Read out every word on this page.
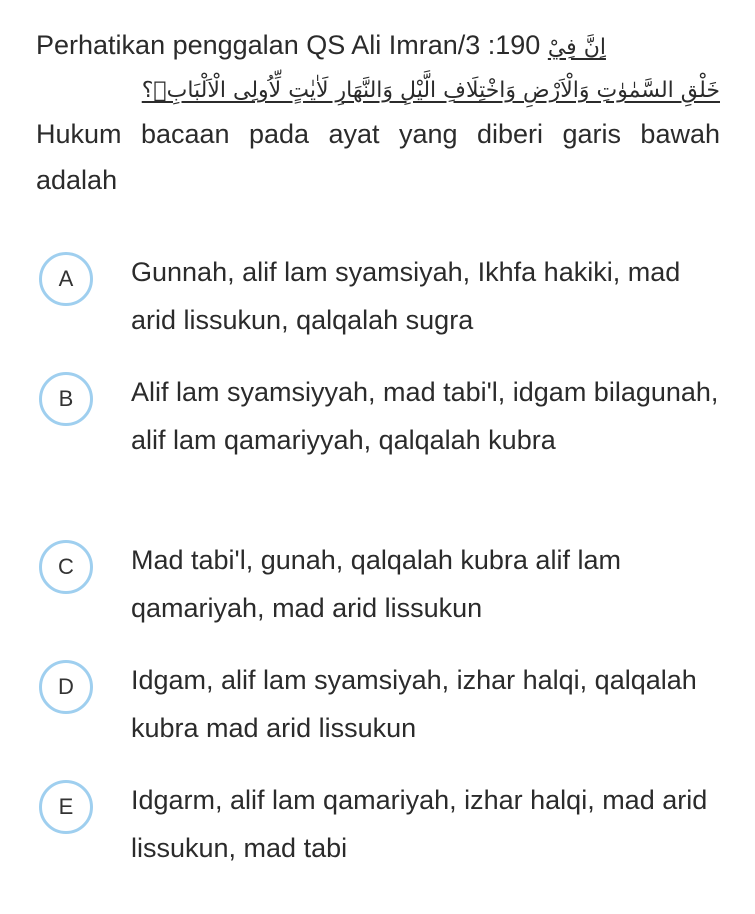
Perhatikan penggalan QS Ali Imran/3 :190 اِنَّ فِيْ
خَلْقِ السَّمٰوٰتِ وَالْاَرْضِ وَاخْتِلَافِ الَّيْلِ وَالنَّهَارِ لَاٰيٰتٍ لِّاُولِى الْاَلْبَابِۙ؟
Hukum bacaan pada ayat yang diberi garis bawah adalah
A	Gunnah, alif lam syamsiyah, Ikhfa hakiki, mad arid lissukun, qalqalah sugra
B	Alif lam syamsiyyah, mad tabi'l, idgam bilagunah, alif lam qamariyyah, qalqalah kubra
C	Mad tabi'l, gunah, qalqalah kubra alif lam qamariyah, mad arid lissukun
D	Idgam, alif lam syamsiyah, izhar halqi, qalqalah kubra mad arid lissukun
E	Idgarm, alif lam qamariyah, izhar halqi, mad arid lissukun, mad tabi
